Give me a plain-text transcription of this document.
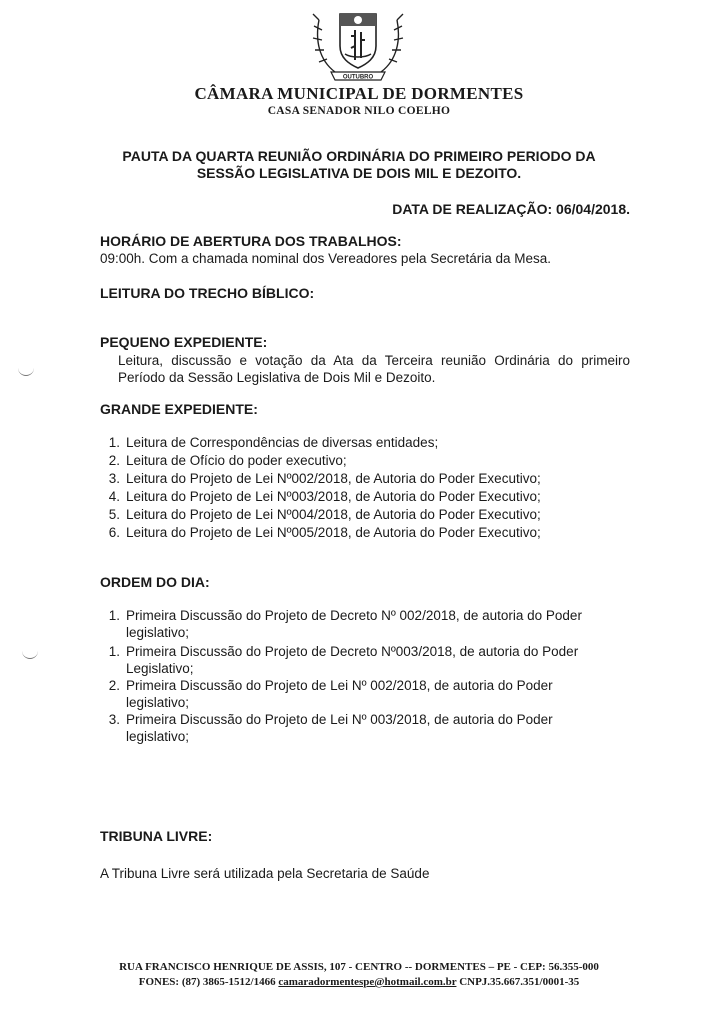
OUTUBRO
CÂMARA MUNICIPAL DE DORMENTES
CASA SENADOR NILO COELHO
PAUTA DA QUARTA REUNIÃO ORDINÁRIA DO PRIMEIRO PERIODO DA
SESSÃO LEGISLATIVA DE DOIS MIL E DEZOITO.
DATA DE REALIZAÇÃO: 06/04/2018.
HORÁRIO DE ABERTURA DOS TRABALHOS:
09:00h. Com a chamada nominal dos Vereadores pela Secretária da Mesa.
LEITURA DO TRECHO BÍBLICO:
PEQUENO EXPEDIENTE:
Leitura, discussão e votação da Ata da Terceira reunião Ordinária do primeiro Período da Sessão Legislativa de Dois Mil e Dezoito.
GRANDE EXPEDIENTE:
1. Leitura de Correspondências de diversas entidades;
2. Leitura de Ofício do poder executivo;
3. Leitura do Projeto de Lei Nº002/2018, de Autoria do Poder Executivo;
4. Leitura do Projeto de Lei Nº003/2018, de Autoria do Poder Executivo;
5. Leitura do Projeto de Lei Nº004/2018, de Autoria do Poder Executivo;
6. Leitura do Projeto de Lei Nº005/2018, de Autoria do Poder Executivo;
ORDEM DO DIA:
1. Primeira Discussão do Projeto de Decreto Nº 002/2018, de autoria do Poder legislativo;
1. Primeira Discussão do Projeto de Decreto Nº003/2018, de autoria do Poder Legislativo;
2. Primeira Discussão do Projeto de Lei Nº 002/2018, de autoria do Poder legislativo;
3. Primeira Discussão do Projeto de Lei Nº 003/2018, de autoria do Poder legislativo;
TRIBUNA LIVRE:
A Tribuna Livre será utilizada pela Secretaria de Saúde
RUA FRANCISCO HENRIQUE DE ASSIS, 107 - CENTRO -- DORMENTES – PE - CEP: 56.355-000
FONES: (87) 3865-1512/1466 camaradormentespe@hotmail.com.br CNPJ.35.667.351/0001-35
